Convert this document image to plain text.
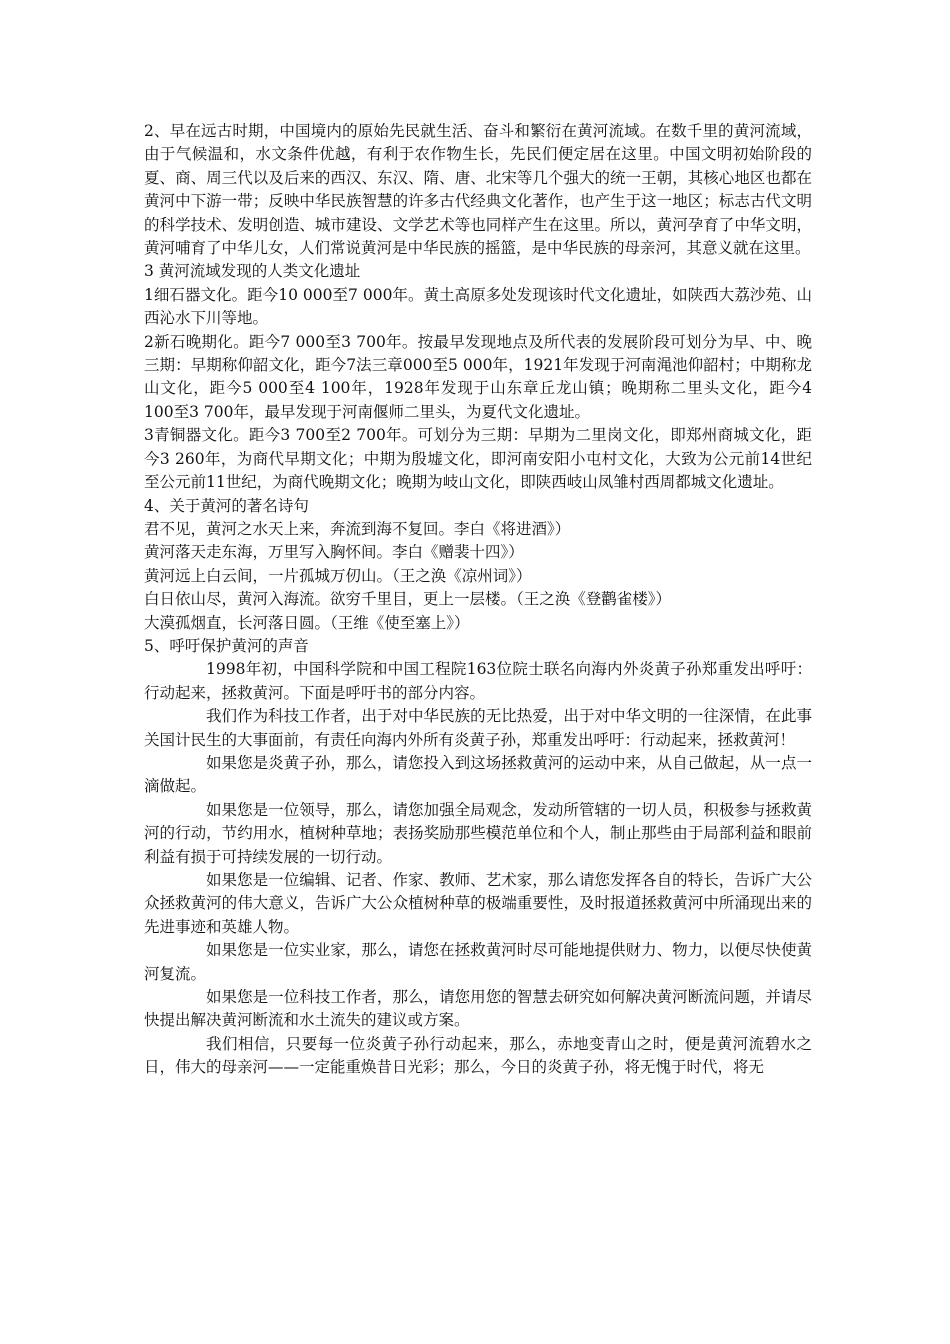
2、早在远古时期，中国境内的原始先民就生活、奋斗和繁衍在黄河流域。在数千里的黄河流域，由于气候温和，水文条件优越，有利于农作物生长，先民们便定居在这里。中国文明初始阶段的夏、商、周三代以及后来的西汉、东汉、隋、唐、北宋等几个强大的统一王朝，其核心地区也都在黄河中下游一带；反映中华民族智慧的许多古代经典文化著作，也产生于这一地区；标志古代文明的科学技术、发明创造、城市建设、文学艺术等也同样产生在这里。所以，黄河孕育了中华文明，黄河哺育了中华儿女，人们常说黄河是中华民族的摇篮，是中华民族的母亲河，其意义就在这里。

3 黄河流域发现的人类文化遗址

1细石器文化。距今10 000至7 000年。黄土高原多处发现该时代文化遗址，如陕西大荔沙苑、山西沁水下川等地。

2新石晚期化。距今7 000至3 700年。按最早发现地点及所代表的发展阶段可划分为早、中、晚三期：早期称仰韶文化，距今7法三章000至5 000年，1921年发现于河南渑池仰韶村；中期称龙山文化，距今5 000至4 100年，1928年发现于山东章丘龙山镇；晚期称二里头文化，距今4 100至3 700年，最早发现于河南偃师二里头，为夏代文化遗址。

3青铜器文化。距今3 700至2 700年。可划分为三期：早期为二里岗文化，即郑州商城文化，距今3 260年，为商代早期文化；中期为殷墟文化，即河南安阳小屯村文化，大致为公元前14世纪至公元前11世纪，为商代晚期文化；晚期为岐山文化，即陕西岐山凤雏村西周都城文化遗址。

4、关于黄河的著名诗句

君不见，黄河之水天上来，奔流到海不复回。李白《将进酒》）

黄河落天走东海，万里写入胸怀间。李白《赠裴十四》）

黄河远上白云间，一片孤城万仞山。（王之涣《凉州词》）

白日依山尽，黄河入海流。欲穷千里目，更上一层楼。（王之涣《登鹳雀楼》）

大漠孤烟直，长河落日圆。（王维《使至塞上》）

5、呼吁保护黄河的声音

1998年初，中国科学院和中国工程院163位院士联名向海内外炎黄子孙郑重发出呼吁：行动起来，拯救黄河。下面是呼吁书的部分内容。

我们作为科技工作者，出于对中华民族的无比热爱，出于对中华文明的一往深情，在此事关国计民生的大事面前，有责任向海内外所有炎黄子孙，郑重发出呼吁：行动起来，拯救黄河！

如果您是炎黄子孙，那么，请您投入到这场拯救黄河的运动中来，从自己做起，从一点一滴做起。

如果您是一位领导，那么，请您加强全局观念，发动所管辖的一切人员，积极参与拯救黄河的行动，节约用水，植树种草地；表扬奖励那些模范单位和个人，制止那些由于局部利益和眼前利益有损于可持续发展的一切行动。

如果您是一位编辑、记者、作家、教师、艺术家，那么请您发挥各自的特长，告诉广大公众拯救黄河的伟大意义，告诉广大公众植树种草的极端重要性，及时报道拯救黄河中所涌现出来的先进事迹和英雄人物。

如果您是一位实业家，那么，请您在拯救黄河时尽可能地提供财力、物力，以便尽快使黄河复流。

如果您是一位科技工作者，那么，请您用您的智慧去研究如何解决黄河断流问题，并请尽快提出解决黄河断流和水土流失的建议或方案。

我们相信，只要每一位炎黄子孙行动起来，那么，赤地变青山之时，便是黄河流碧水之日，伟大的母亲河——一定能重焕昔日光彩；那么，今日的炎黄子孙，将无愧于时代，将无
